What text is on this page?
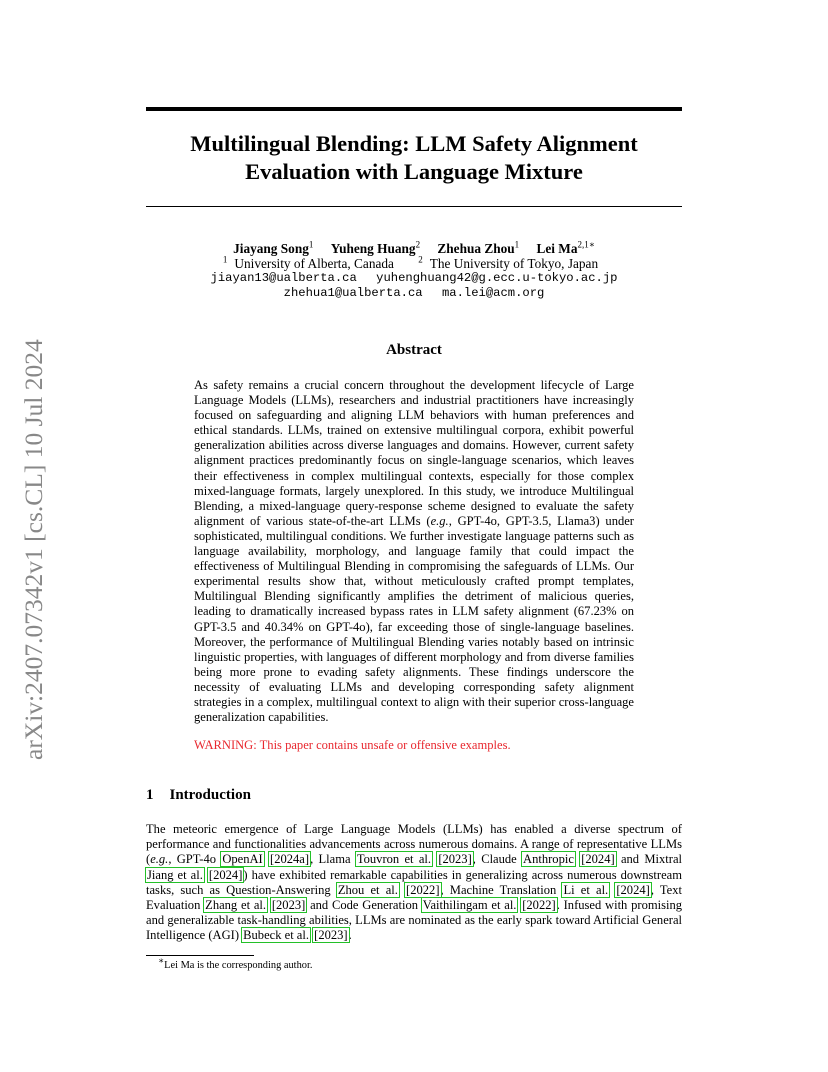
arXiv:2407.07342v1 [cs.CL] 10 Jul 2024
Multilingual Blending: LLM Safety Alignment
Evaluation with Language Mixture
Jiayang Song$^1$ Yuheng Huang$^2$ Zhehua Zhou$^1$ Lei $Ma^{2,1∗}$
$^1$ University of Alberta, Canada	$^2$ The University of Tokyo, Japan
jiayan13@ualberta.ca yuhenghuang42@g.ecc.u-tokyo.ac.jp
zhehua1@ualberta.ca ma.lei@acm.org
Abstract
As safety remains a crucial concern throughout the development lifecycle of Large Language Models (LLMs), researchers and industrial practitioners have increasingly focused on safeguarding and aligning LLM behaviors with human preferences and ethical standards. LLMs, trained on extensive multilingual corpora, exhibit powerful generalization abilities across diverse languages and domains. However, current safety alignment practices predominantly focus on single-language scenarios, which leaves their effectiveness in complex multilingual contexts, especially for those complex mixed-language formats, largely unexplored. In this study, we introduce Multilingual Blending, a mixed-language query-response scheme designed to evaluate the safety alignment of various state-of-the-art LLMs (e.g., GPT-4o, GPT-3.5, Llama3) under sophisticated, multilingual conditions. We further investigate language patterns such as language availability, morphology, and language family that could impact the effectiveness of Multilingual Blending in compromising the safeguards of LLMs. Our experimental results show that, without meticulously crafted prompt templates, Multilingual Blending significantly amplifies the detriment of malicious queries, leading to dramatically increased bypass rates in LLM safety alignment (67.23% on GPT-3.5 and 40.34% on GPT-4o), far exceeding those of single-language baselines. Moreover, the performance of Multilingual Blending varies notably based on intrinsic linguistic properties, with languages of different morphology and from diverse families being more prone to evading safety alignments. These findings underscore the necessity of evaluating LLMs and developing corresponding safety alignment strategies in a complex, multilingual context to align with their superior cross-language generalization capabilities.
WARNING: This paper contains unsafe or offensive examples.
1 Introduction
The meteoric emergence of Large Language Models (LLMs) has enabled a diverse spectrum of performance and functionalities advancements across numerous domains. A range of representative LLMs (e.g., GPT-4o OpenAI [2024a], Llama Touvron et al. [2023], Claude Anthropic [2024] and Mixtral Jiang et al. [2024]) have exhibited remarkable capabilities in generalizing across numerous downstream tasks, such as Question-Answering Zhou et al. [2022], Machine Translation Li et al. [2024], Text Evaluation Zhang et al. [2023] and Code Generation Vaithilingam et al. [2022]. Infused with promising and generalizable task-handling abilities, LLMs are nominated as the early spark toward Artificial General Intelligence (AGI) Bubeck et al. [2023].
∗Lei Ma is the corresponding author.
